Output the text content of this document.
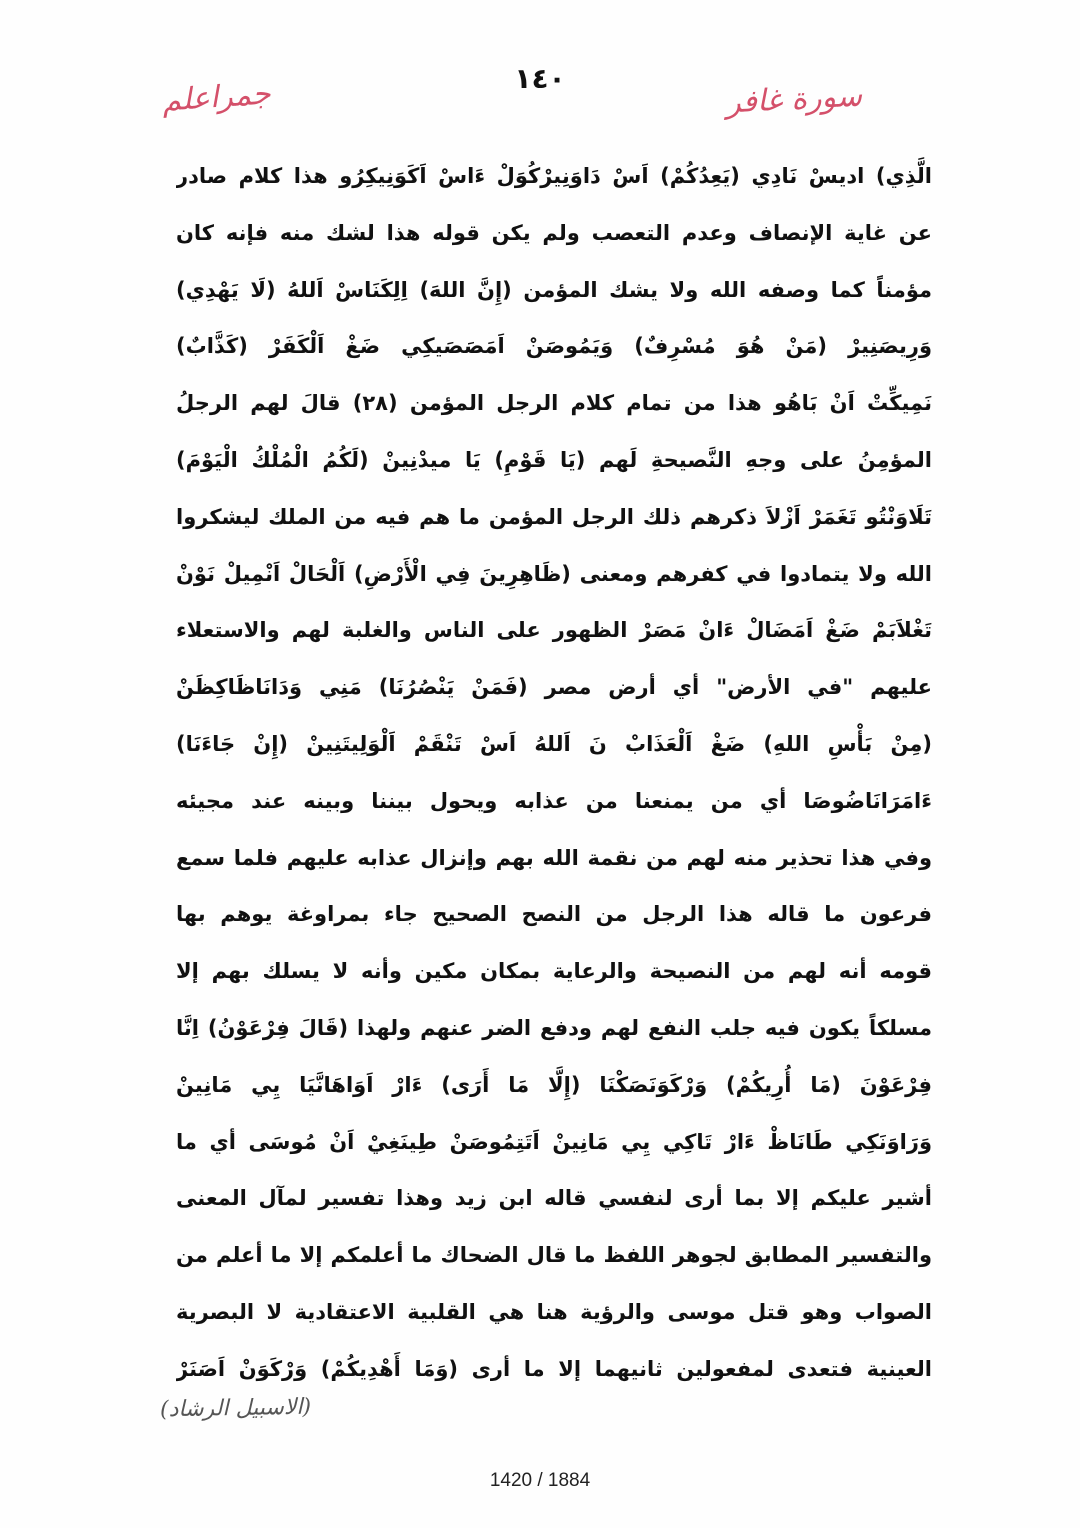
جمراعلم	١٤٠	سورة غافر
الَّذِي) اديسْ نَادِي (يَعِدُكُمْ) اَسْ دَاوَنِيرْكُوَلْ ءَاسْ اَكَوَنِيكِرُو هذا كلام صادر
عن غاية الإنصاف وعدم التعصب ولم يكن قوله هذا لشك منه فإنه كان
مؤمناً كما وصفه الله ولا يشك المؤمن (إِنَّ اللهَ) اِلِكَنَاسْ اَللهُ (لَا يَهْدِي)
وَرِيصَنِيرْ (مَنْ هُوَ مُسْرِفٌ) وَيَمُوصَنْ اَمَصَصَيكِي ضَغْ اَلْكَفَرْ (كَذَّابٌ)
نَمِيكِّتْ اَنْ بَاهُو هذا من تمام كلام الرجل المؤمن (٢٨) قالَ لهم الرجلُ
المؤمِنُ على وجهِ النَّصيحةِ لَهم (يَا قَوْمِ) يَا ميدْنِينْ (لَكُمُ الْمُلْكُ الْيَوْمَ)
تَلَاوَنْتُو تَغَمَرْ اَزْلاَ ذكرهم ذلك الرجل المؤمن ما هم فيه من الملك ليشكروا
الله ولا يتمادوا في كفرهم ومعنى (ظَاهِرِينَ فِي الْأَرْضِ) اَلْحَالْ اَنْمِيلْ نَوْنْ
تَغْلاَبَمْ ضَغْ اَمَضَالْ ءَانْ مَصَرْ الظهور على الناس والغلبة لهم والاستعلاء
عليهم "في الأرض" أي أرض مصر (فَمَنْ يَنْصُرُنَا) مَنِي وَدَانَاظَاكِظَنْ
(مِنْ بَأْسِ اللهِ) ضَغْ اَلْعَذَابْ نَ اَللهُ اَسْ تَنْقَمْ اَلْوَلِيتَنِينْ (إِنْ جَاءَنَا)
ءَامَرَانَاضُوصَا أي من يمنعنا من عذابه ويحول بيننا وبينه عند مجيئه
وفي هذا تحذير منه لهم من نقمة الله بهم وإنزال عذابه عليهم فلما سمع
فرعون ما قاله هذا الرجل من النصح الصحيح جاء بمراوغة يوهم بها
قومه أنه لهم من النصيحة والرعاية بمكان مكين وأنه لا يسلك بهم إلا
مسلكاً يكون فيه جلب النفع لهم ودفع الضر عنهم ولهذا (قَالَ فِرْعَوْنُ) اِنَّا
فِرْعَوْنَ (مَا أُرِيكُمْ) وَرْكَوَنَصَكْنَا (إِلَّا مَا أَرَى) ءَارْ اَوَاهَانَّيَا يِي مَانِينْ
وَرَاوَنَكِي طَانَاظْ ءَارْ تَاكِي يِي مَانِينْ اَتَتِمُوصَنْ طِينَغِيْ اَنْ مُوسَى أي ما
أشير عليكم إلا بما أرى لنفسي قاله ابن زيد وهذا تفسير لمآل المعنى
والتفسير المطابق لجوهر اللفظ ما قال الضحاك ما أعلمكم إلا ما أعلم من
الصواب وهو قتل موسى والرؤية هنا هي القلبية الاعتقادية لا البصرية
العينية فتعدى لمفعولين ثانيهما إلا ما أرى (وَمَا أَهْدِيكُمْ) وَرْكَوَنْ اَصَنَرْ
(الاسبيل الرشاد)
1420 / 1884
